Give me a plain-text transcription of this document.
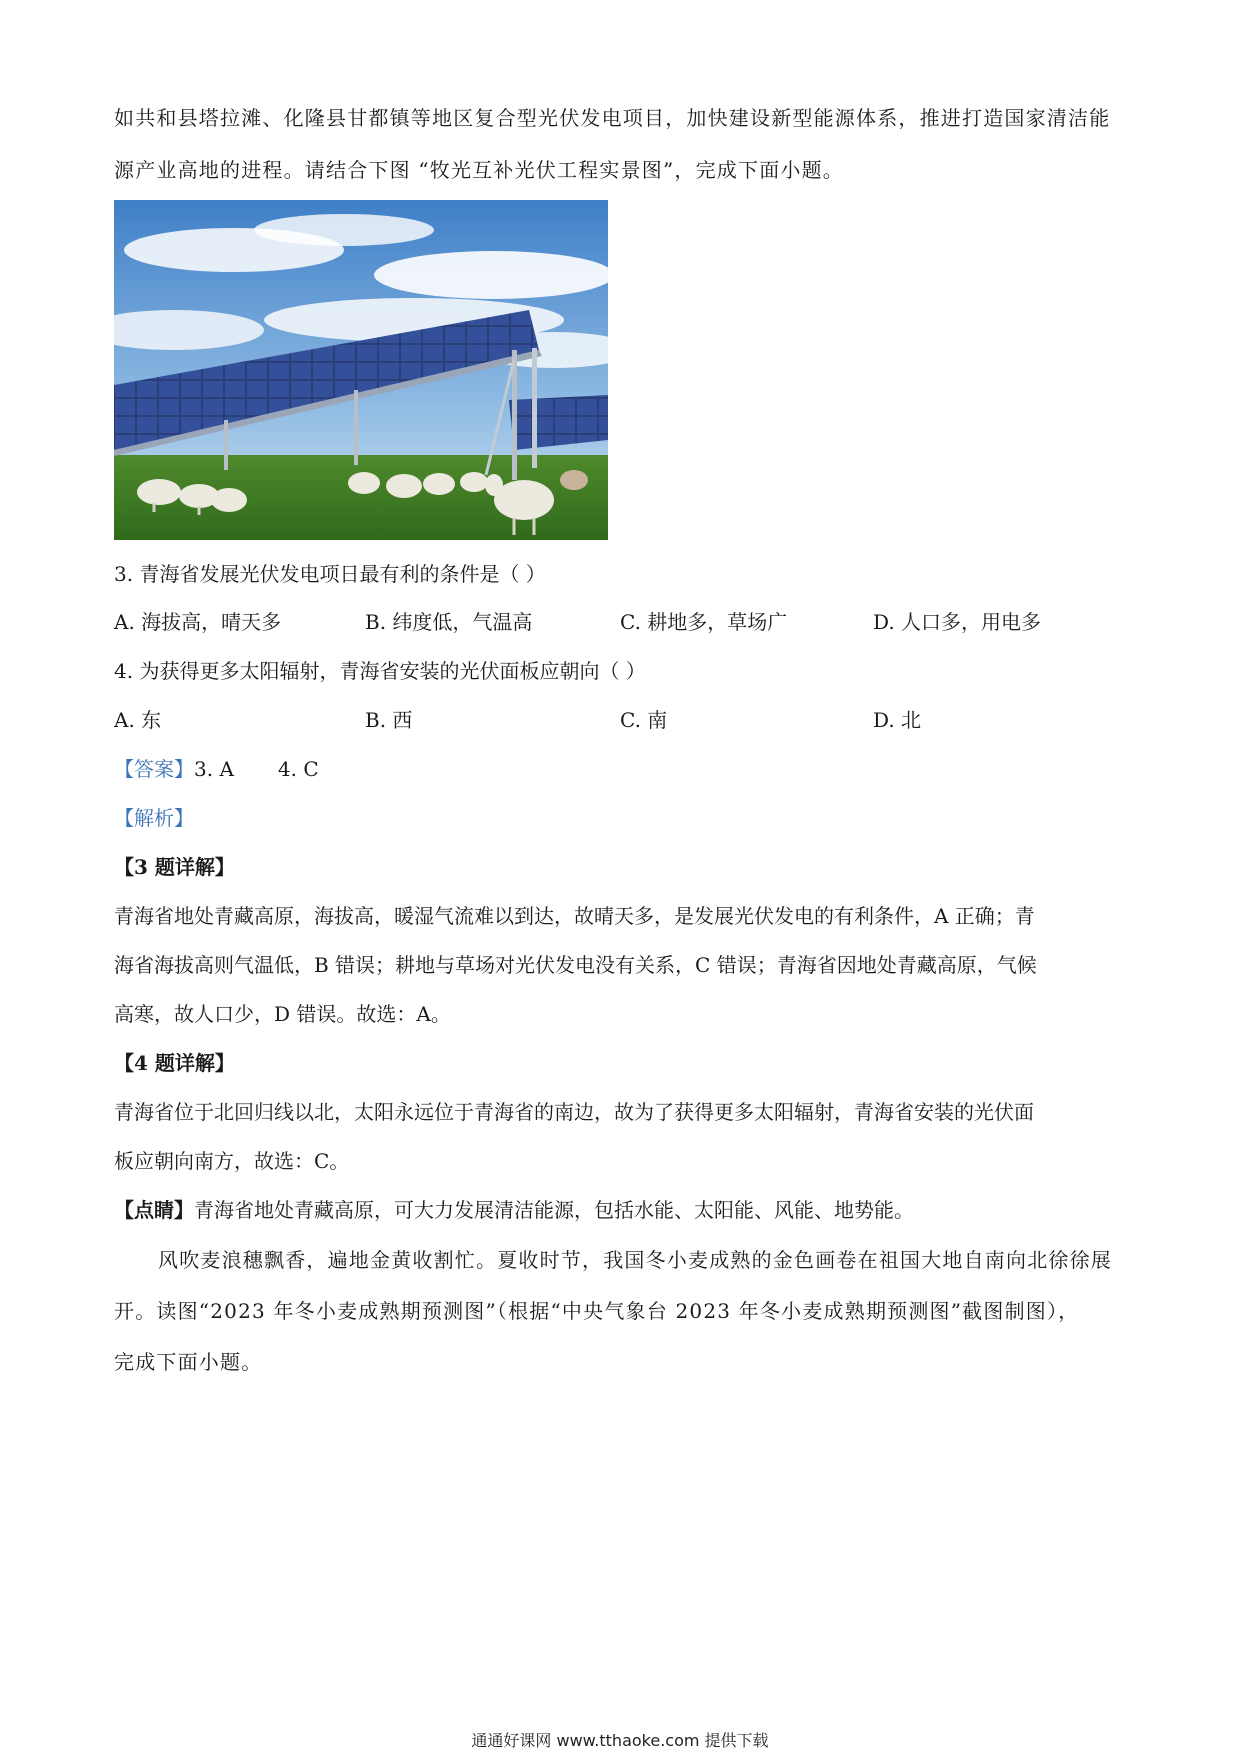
如共和县塔拉滩、化隆县甘都镇等地区复合型光伏发电项目，加快建设新型能源体系，推进打造国家清洁能
源产业高地的进程。请结合下图 “牧光互补光伏工程实景图”，完成下面小题。
3. 青海省发展光伏发电项日最有利的条件是（ ）
A. 海拔高，晴天多	B. 纬度低，气温高	C. 耕地多，草场广	D. 人口多，用电多
4. 为获得更多太阳辐射，青海省安装的光伏面板应朝向（ ）
A. 东	B. 西	C. 南	D. 北
【答案】3. A 4. C
【解析】
【3 题详解】
青海省地处青藏高原，海拔高，暖湿气流难以到达，故晴天多，是发展光伏发电的有利条件，A 正确；青
海省海拔高则气温低，B 错误；耕地与草场对光伏发电没有关系，C 错误；青海省因地处青藏高原，气候
高寒，故人口少，D 错误。故选：A。
【4 题详解】
青海省位于北回归线以北，太阳永远位于青海省的南边，故为了获得更多太阳辐射，青海省安装的光伏面
板应朝向南方，故选：C。
【点睛】青海省地处青藏高原，可大力发展清洁能源，包括水能、太阳能、风能、地势能。
风吹麦浪穗飘香，遍地金黄收割忙。夏收时节，我国冬小麦成熟的金色画卷在祖国大地自南向北徐徐展
开。读图“2023 年冬小麦成熟期预测图”（根据“中央气象台 2023 年冬小麦成熟期预测图”截图制图），
完成下面小题。
通通好课网 www.tthaoke.com 提供下载
